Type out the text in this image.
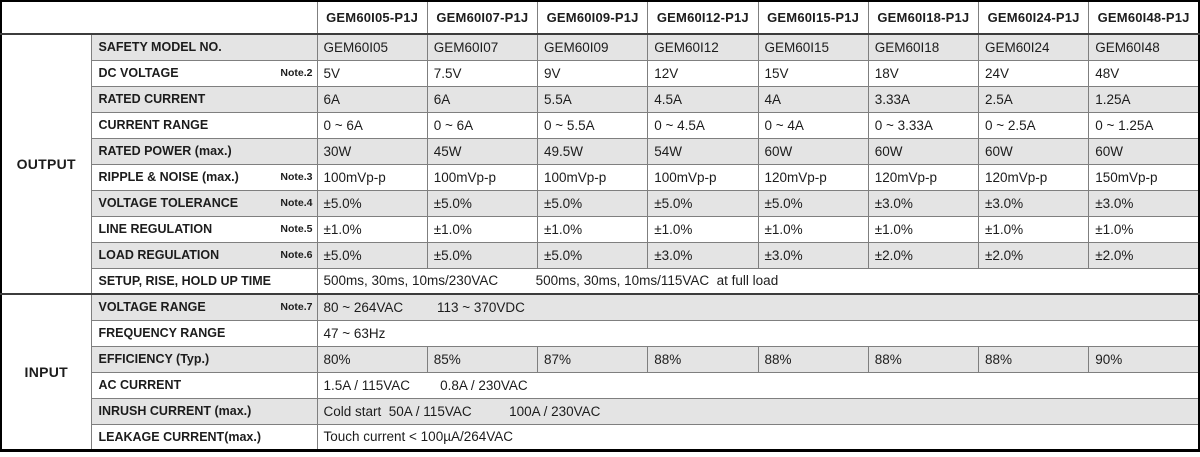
		GEM60I05-P1J	GEM60I07-P1J	GEM60I09-P1J	GEM60I12-P1J	GEM60I15-P1J	GEM60I18-P1J	GEM60I24-P1J	GEM60I48-P1J
OUTPUT	SAFETY MODEL NO.	GEM60I05	GEM60I07	GEM60I09	GEM60I12	GEM60I15	GEM60I18	GEM60I24	GEM60I48
	DC VOLTAGE Note.2	5V	7.5V	9V	12V	15V	18V	24V	48V
	RATED CURRENT	6A	6A	5.5A	4.5A	4A	3.33A	2.5A	1.25A
	CURRENT RANGE	0 ~ 6A	0 ~ 6A	0 ~ 5.5A	0 ~ 4.5A	0 ~ 4A	0 ~ 3.33A	0 ~ 2.5A	0 ~ 1.25A
	RATED POWER (max.)	30W	45W	49.5W	54W	60W	60W	60W	60W
	RIPPLE & NOISE (max.) Note.3	100mVp-p	100mVp-p	100mVp-p	100mVp-p	120mVp-p	120mVp-p	120mVp-p	150mVp-p
	VOLTAGE TOLERANCE Note.4	±5.0%	±5.0%	±5.0%	±5.0%	±5.0%	±3.0%	±3.0%	±3.0%
	LINE REGULATION Note.5	±1.0%	±1.0%	±1.0%	±1.0%	±1.0%	±1.0%	±1.0%	±1.0%
	LOAD REGULATION Note.6	±5.0%	±5.0%	±5.0%	±3.0%	±3.0%	±2.0%	±2.0%	±2.0%
	SETUP, RISE, HOLD UP TIME	500ms, 30ms, 10ms/230VAC          500ms, 30ms, 10ms/115VAC  at full load							
INPUT	VOLTAGE RANGE Note.7	80 ~ 264VAC         113 ~ 370VDC							
	FREQUENCY RANGE	47 ~ 63Hz							
	EFFICIENCY (Typ.)	80%	85%	87%	88%	88%	88%	88%	90%
	AC CURRENT	1.5A / 115VAC        0.8A / 230VAC							
	INRUSH CURRENT (max.)	Cold start  50A / 115VAC          100A / 230VAC							
	LEAKAGE CURRENT(max.)	Touch current < 100µA/264VAC							
